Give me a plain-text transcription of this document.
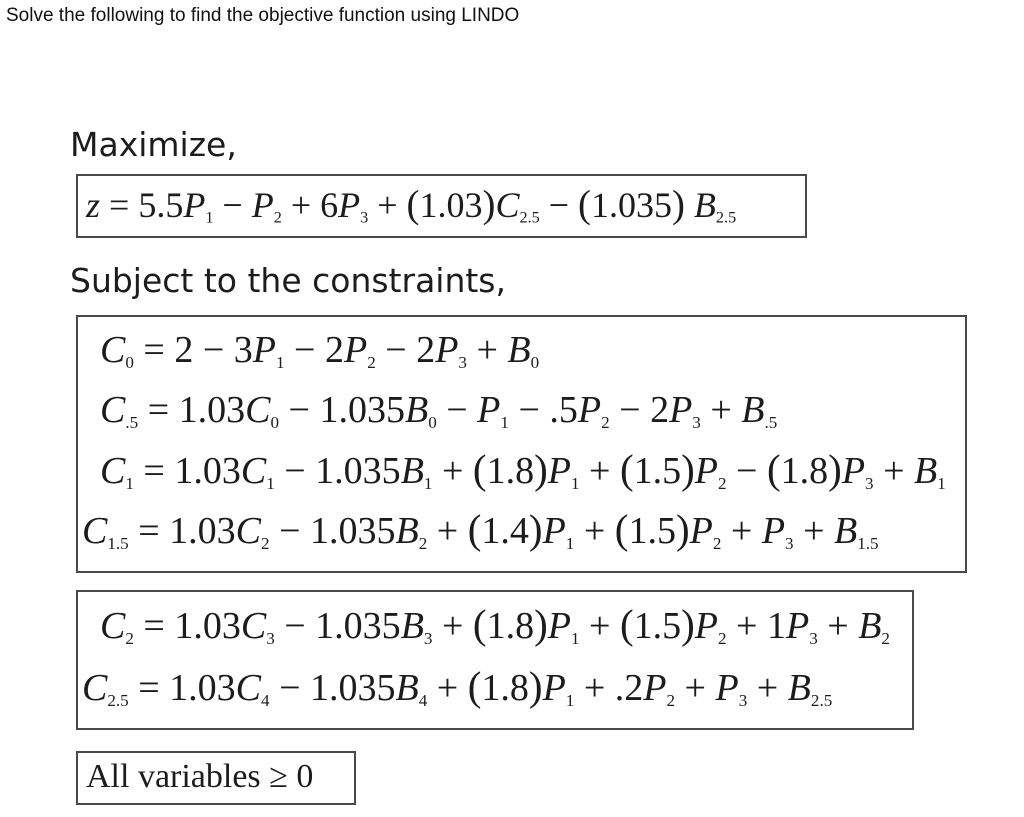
Solve the following to find the objective function using LINDO
Maximize,
$z = 5.5P_1 - P_2 + 6P_3 + (1.03)C_{2.5} - (1.035)$ $B_{2.5}$
Subject to the constraints,
$C_0 = 2 - 3P_1 - 2P_2 - 2P_3 + B_0$
$C_{.5} = 1.03C_0 - 1.035B_0 - P_1 - .5P_2 - 2P_3 + B_{.5}$
$C_1 = 1.03C_1 - 1.035B_1 + (1.8)P_1 + (1.5)P_2 - (1.8)P_3 + B_1$
$C_{1.5} = 1.03C_2 - 1.035B_2 + (1.4)P_1 + (1.5)P_2 + P_3 + B_{1.5}$
$C_2 = 1.03C_3 - 1.035B_3 + (1.8)P_1 + (1.5)P_2 + 1P_3 + B_2$
$C_{2.5} = 1.03C_4 - 1.035B_4 + (1.8)P_1 + .2P_2 + P_3 + B_{2.5}$
All variables ≥ 0
